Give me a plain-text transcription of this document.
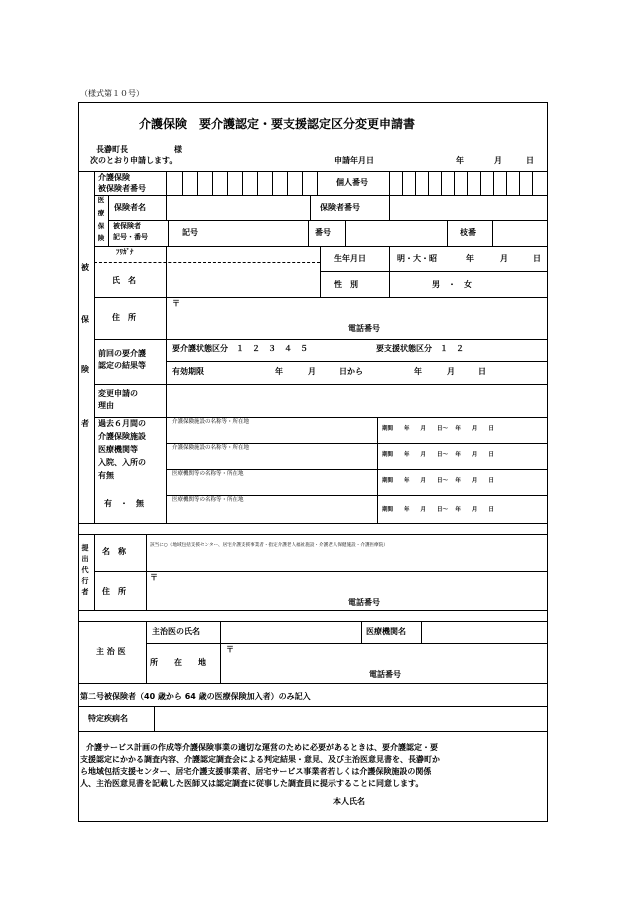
（様式第１０号）
介護保険　要介護認定・要支援認定区分変更申請書
長瀞町長	様
次のとおり申請します。	申請年月日	年	月	日
被
保
険
者
介護保険
被保険者番号
個人番号
医
療
保
険
保険者名	保険者番号
被保険者
記号・番号	記号	番号	枝番
ﾌﾘｶﾞﾅ
氏　名
生年月日	明・大・昭	年	月	日
性　別	男　・　女
住　所
〒
電話番号
前回の要介護
認定の結果等
要介護状態区分　１　２　３　４　５	要支援状態区分　１　２
有効期限	年	月	日から	年	月	日
変更申請の
理由
過去６月間の
介護保険施設
医療機関等
入院、入所の
有無
有　・　無
介護保険施設の名称等・所在地
期間　　年　　月　　日～　 年　　月　　日
介護保険施設の名称等・所在地
期間　　年　　月　　日～　 年　　月　　日
医療機関等の名称等・所在地
期間　　年　　月　　日～　 年　　月　　日
医療機関等の名称等・所在地
期間　　年　　月　　日～　 年　　月　　日
提
出
代
行
者
名　称
該当に○（地域包括支援センター、居宅介護支援事業者・指定介護老人福祉施設・介護老人保健施設・介護医療院）
住　所
〒
電話番号
主 治 医
主治医の氏名	医療機関名
所　　在　　地
〒
電話番号
第二号被保険者（40 歳から 64 歳の医療保険加入者）のみ記入
特定疾病名
介護サービス計画の作成等介護保険事業の適切な運営のために必要があるときは、要介護認定・要
支援認定にかかる調査内容、介護認定調査会による判定結果・意見、及び主治医意見書を、長瀞町か
ら地域包括支援センター、居宅介護支援事業者、居宅サービス事業者若しくは介護保険施設の関係
人、主治医意見書を記載した医師又は認定調査に従事した調査員に提示することに同意します。
本人氏名
